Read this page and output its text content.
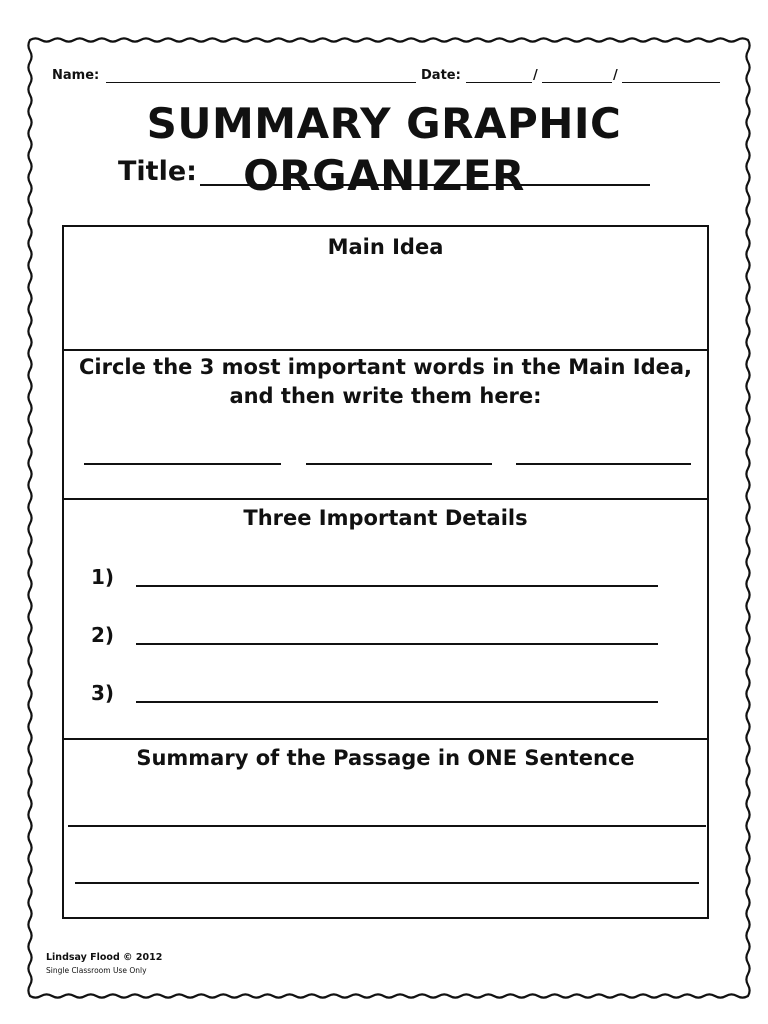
Name:	Date:	/	/
SUMMARY GRAPHIC ORGANIZER
Title:
Main Idea
Circle the 3 most important words in the Main Idea, and then write them here:
Three Important Details
1)
2)
3)
Summary of the Passage in ONE Sentence
Lindsay Flood © 2012
Single Classroom Use Only
